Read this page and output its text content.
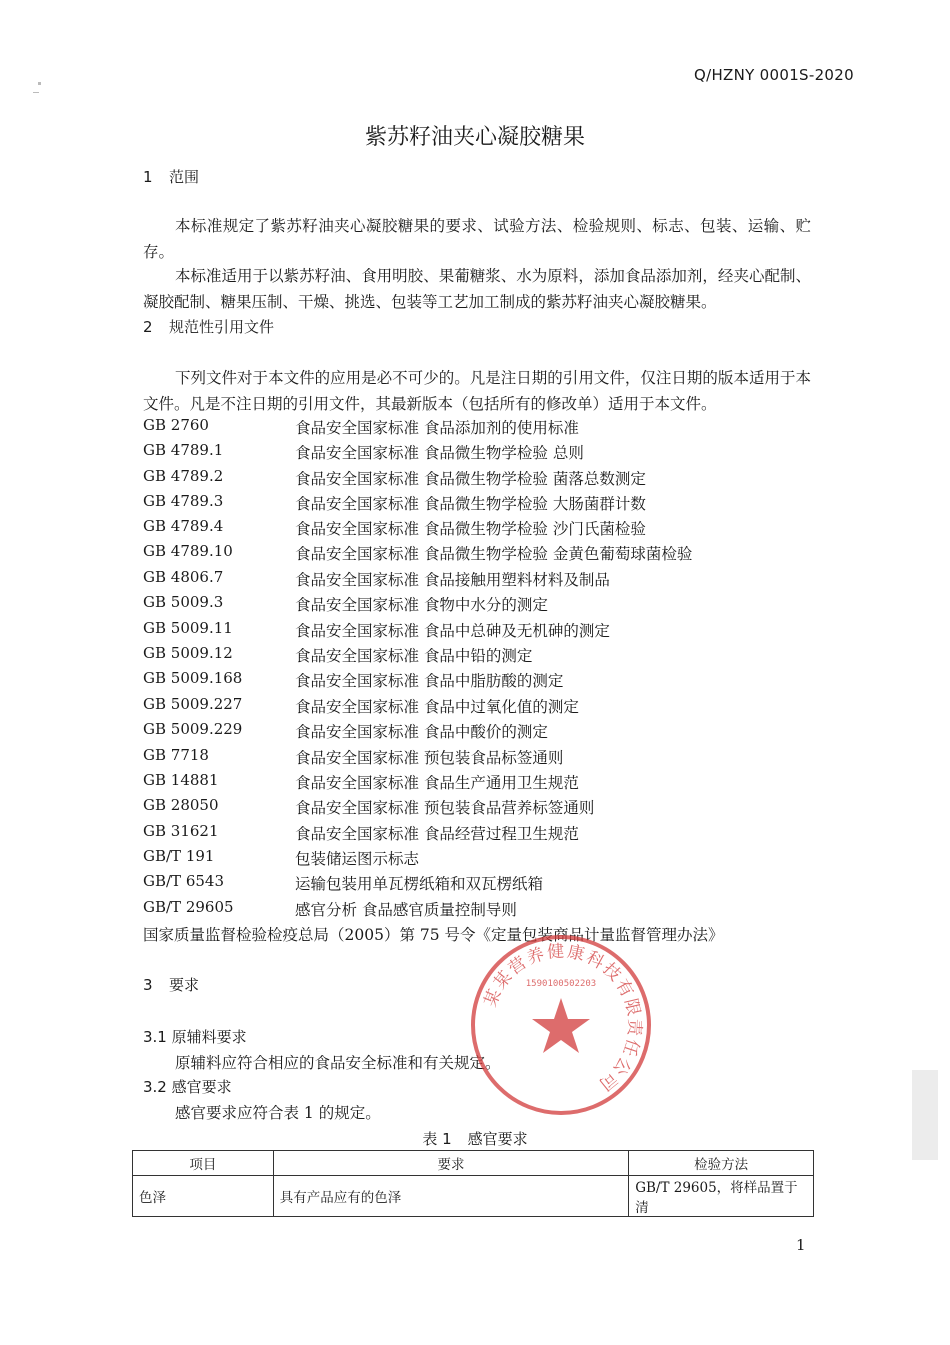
Q/HZNY 0001S-2020
紫苏籽油夹心凝胶糖果
1 范围
本标准规定了紫苏籽油夹心凝胶糖果的要求、试验方法、检验规则、标志、包装、运输、贮存。
本标准适用于以紫苏籽油、食用明胶、果葡糖浆、水为原料，添加食品添加剂，经夹心配制、凝胶配制、糖果压制、干燥、挑选、包装等工艺加工制成的紫苏籽油夹心凝胶糖果。
2 规范性引用文件
下列文件对于本文件的应用是必不可少的。凡是注日期的引用文件，仅注日期的版本适用于本文件。凡是不注日期的引用文件，其最新版本（包括所有的修改单）适用于本文件。
GB 2760	食品安全国家标准 食品添加剂的使用标准
GB 4789.1	食品安全国家标准 食品微生物学检验 总则
GB 4789.2	食品安全国家标准 食品微生物学检验 菌落总数测定
GB 4789.3	食品安全国家标准 食品微生物学检验 大肠菌群计数
GB 4789.4	食品安全国家标准 食品微生物学检验 沙门氏菌检验
GB 4789.10	食品安全国家标准 食品微生物学检验 金黄色葡萄球菌检验
GB 4806.7	食品安全国家标准 食品接触用塑料材料及制品
GB 5009.3	食品安全国家标准 食物中水分的测定
GB 5009.11	食品安全国家标准 食品中总砷及无机砷的测定
GB 5009.12	食品安全国家标准 食品中铅的测定
GB 5009.168	食品安全国家标准 食品中脂肪酸的测定
GB 5009.227	食品安全国家标准 食品中过氧化值的测定
GB 5009.229	食品安全国家标准 食品中酸价的测定
GB 7718	食品安全国家标准 预包装食品标签通则
GB 14881	食品安全国家标准 食品生产通用卫生规范
GB 28050	食品安全国家标准 预包装食品营养标签通则
GB 31621	食品安全国家标准 食品经营过程卫生规范
GB/T 191	包装储运图示标志
GB/T 6543	运输包装用单瓦楞纸箱和双瓦楞纸箱
GB/T 29605	感官分析 食品感官质量控制导则
国家质量监督检验检疫总局（2005）第 75 号令《定量包装商品计量监督管理办法》
3 要求
3.1 原辅料要求
原辅料应符合相应的食品安全标准和有关规定。
3.2 感官要求
感官要求应符合表 1 的规定。
表 1 感官要求
项目	要求	检验方法
色泽	具有产品应有的色泽	GB/T 29605，将样品置于清
某某营养健康科技有限责任公司
1590100502203
1
